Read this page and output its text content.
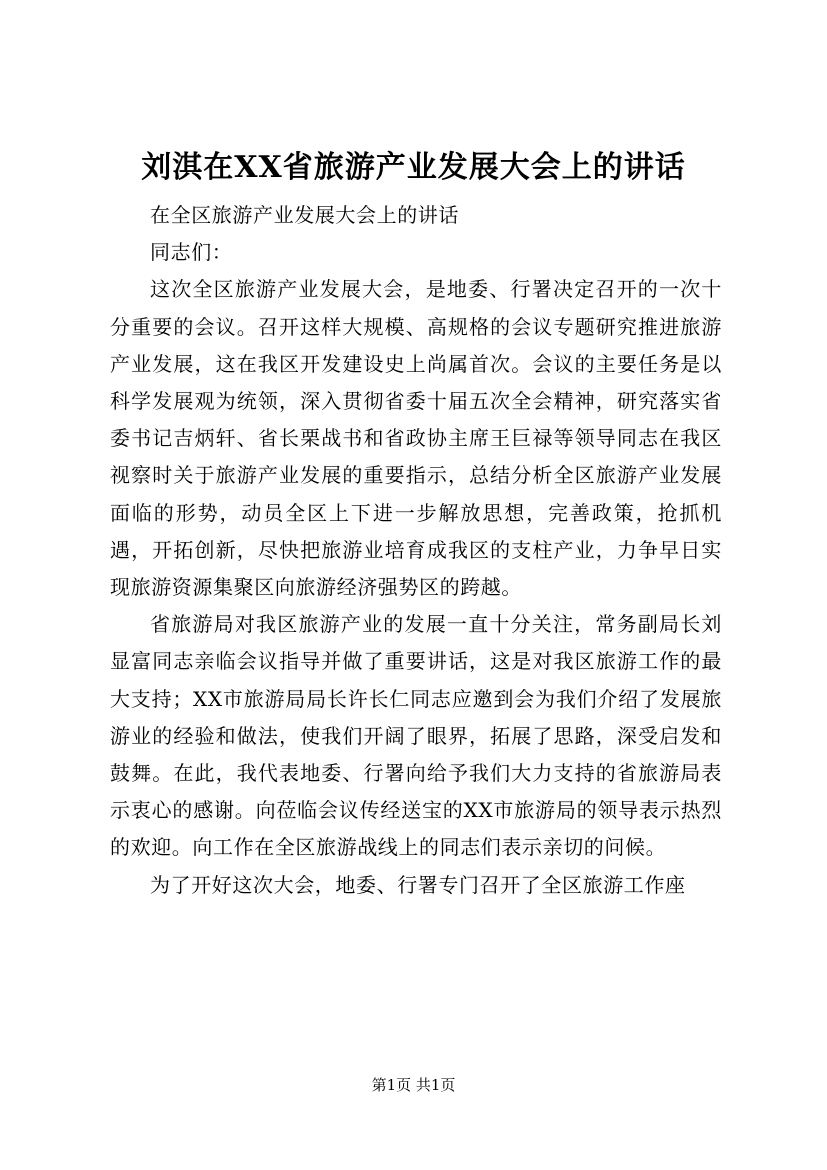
刘淇在XX省旅游产业发展大会上的讲话

在全区旅游产业发展大会上的讲话

同志们：

这次全区旅游产业发展大会，是地委、行署决定召开的一次十分重要的会议。召开这样大规模、高规格的会议专题研究推进旅游产业发展，这在我区开发建设史上尚属首次。会议的主要任务是以科学发展观为统领，深入贯彻省委十届五次全会精神，研究落实省委书记吉炳轩、省长栗战书和省政协主席王巨禄等领导同志在我区视察时关于旅游产业发展的重要指示，总结分析全区旅游产业发展面临的形势，动员全区上下进一步解放思想，完善政策，抢抓机遇，开拓创新，尽快把旅游业培育成我区的支柱产业，力争早日实现旅游资源集聚区向旅游经济强势区的跨越。

省旅游局对我区旅游产业的发展一直十分关注，常务副局长刘显富同志亲临会议指导并做了重要讲话，这是对我区旅游工作的最大支持；XX市旅游局局长许长仁同志应邀到会为我们介绍了发展旅游业的经验和做法，使我们开阔了眼界，拓展了思路，深受启发和鼓舞。在此，我代表地委、行署向给予我们大力支持的省旅游局表示衷心的感谢。向莅临会议传经送宝的XX市旅游局的领导表示热烈的欢迎。向工作在全区旅游战线上的同志们表示亲切的问候。

为了开好这次大会，地委、行署专门召开了全区旅游工作座

第1页 共1页
